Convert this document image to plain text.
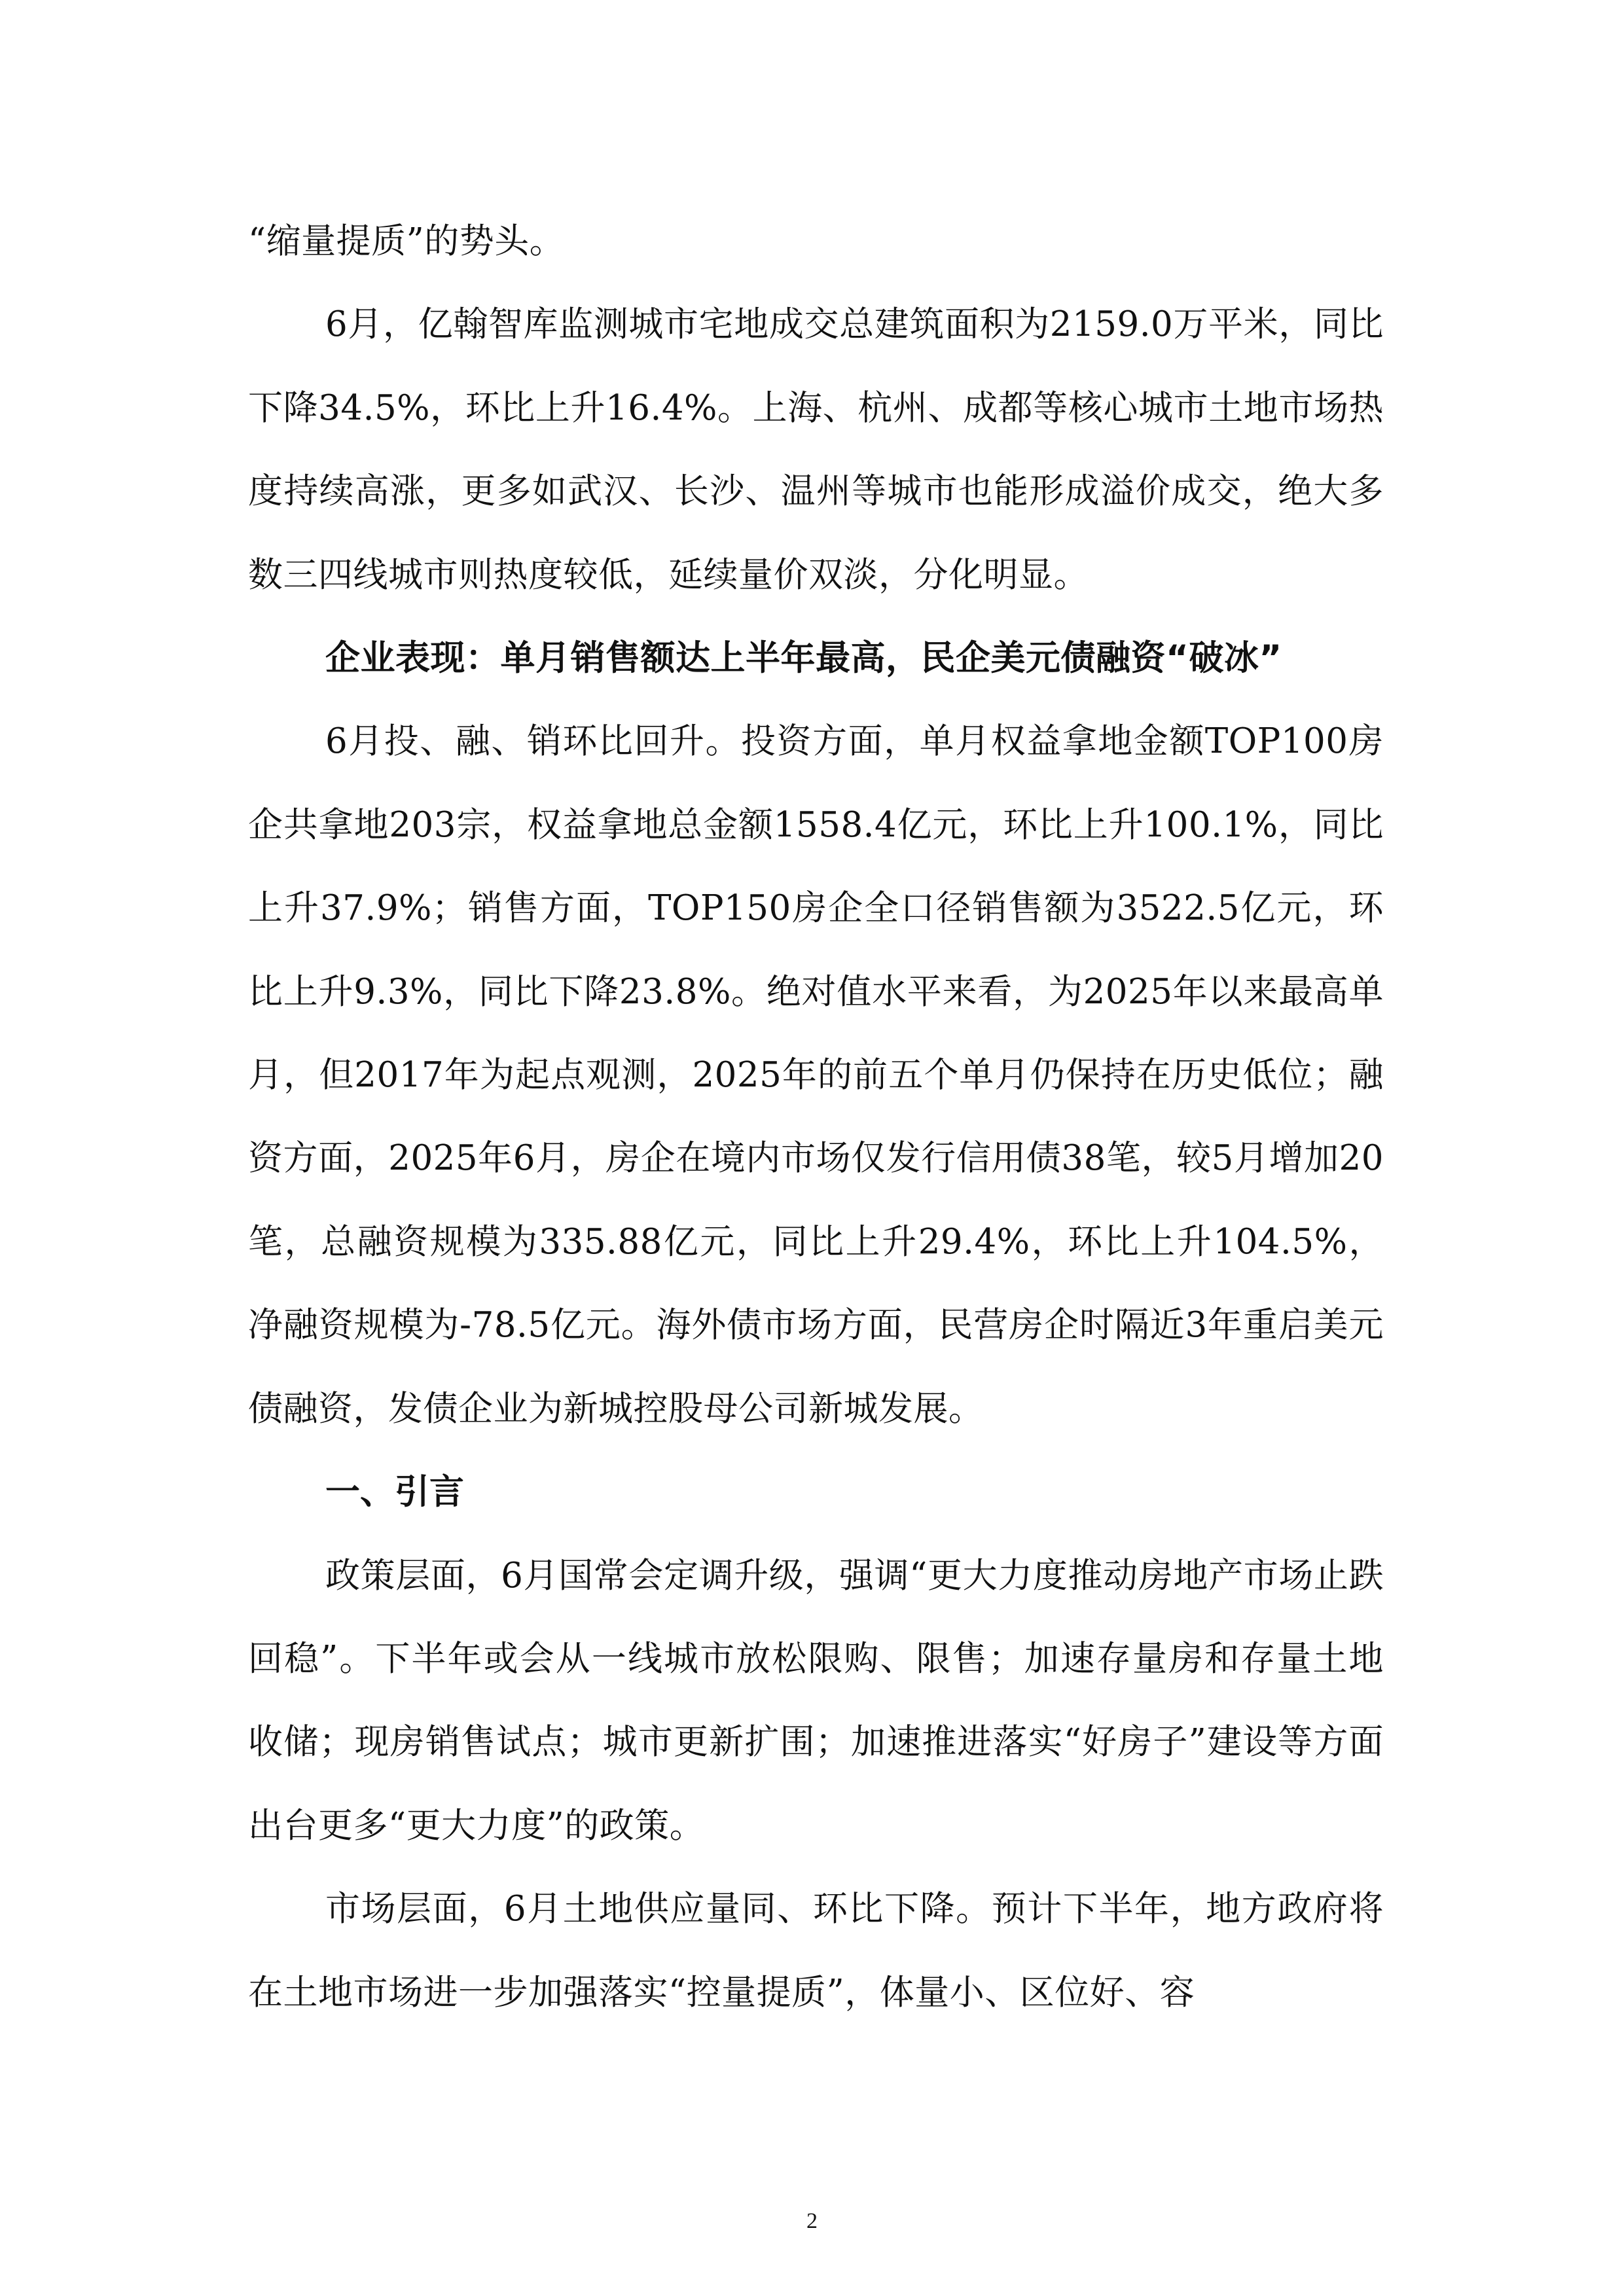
“缩量提质”的势头。

6月，亿翰智库监测城市宅地成交总建筑面积为2159.0万平米，同比下降34.5%，环比上升16.4%。上海、杭州、成都等核心城市土地市场热度持续高涨，更多如武汉、长沙、温州等城市也能形成溢价成交，绝大多数三四线城市则热度较低，延续量价双淡，分化明显。

企业表现：单月销售额达上半年最高，民企美元债融资“破冰”

6月投、融、销环比回升。投资方面，单月权益拿地金额TOP100房企共拿地203宗，权益拿地总金额1558.4亿元，环比上升100.1%，同比上升37.9%；销售方面，TOP150房企全口径销售额为3522.5亿元，环比上升9.3%，同比下降23.8%。绝对值水平来看，为2025年以来最高单月，但2017年为起点观测，2025年的前五个单月仍保持在历史低位；融资方面，2025年6月，房企在境内市场仅发行信用债38笔，较5月增加20笔，总融资规模为335.88亿元，同比上升29.4%，环比上升104.5%，净融资规模为-78.5亿元。海外债市场方面，民营房企时隔近3年重启美元债融资，发债企业为新城控股母公司新城发展。

一、引言

政策层面，6月国常会定调升级，强调“更大力度推动房地产市场止跌回稳”。下半年或会从一线城市放松限购、限售；加速存量房和存量土地收储；现房销售试点；城市更新扩围；加速推进落实“好房子”建设等方面出台更多“更大力度”的政策。

市场层面，6月土地供应量同、环比下降。预计下半年，地方政府将在土地市场进一步加强落实“控量提质”，体量小、区位好、容

2
